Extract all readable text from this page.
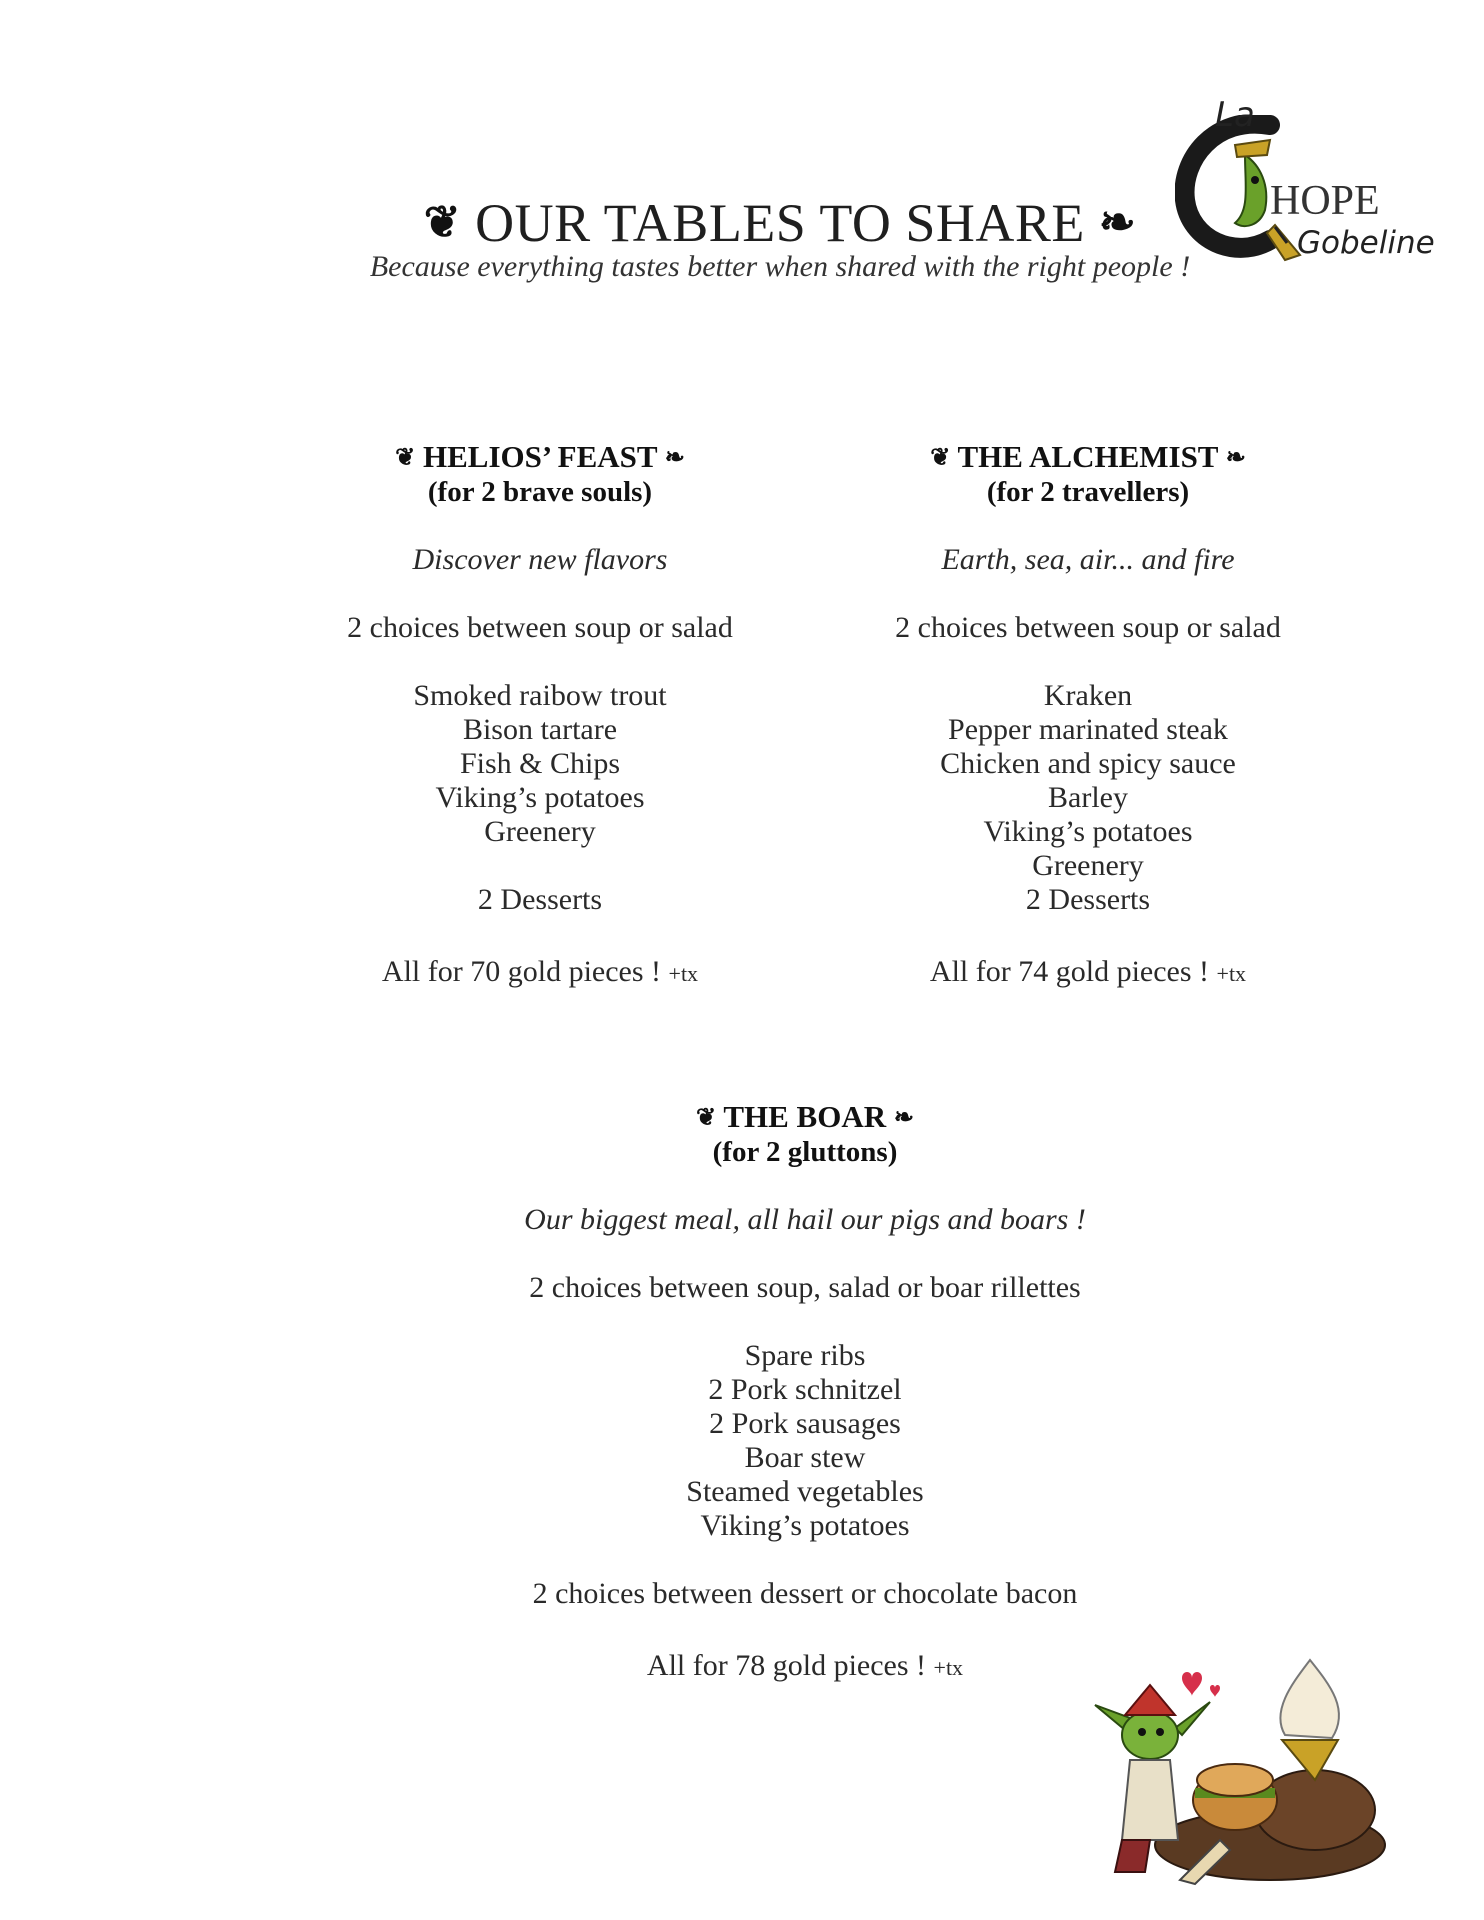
❦ OUR TABLES TO SHARE ❧
Because everything tastes better when shared with the right people !
La
HOPE
Gobeline
❦ HELIOS’ FEAST ❧
(for 2 brave souls)
Discover new flavors
2 choices between soup or salad
Smoked raibow trout
Bison tartare
Fish & Chips
Viking’s potatoes
Greenery
2 Desserts
All for 70 gold pieces ! +tx
❦ THE ALCHEMIST ❧
(for 2 travellers)
Earth, sea, air... and fire
2 choices between soup or salad
Kraken
Pepper marinated steak
Chicken and spicy sauce
Barley
Viking’s potatoes
Greenery
2 Desserts
All for 74 gold pieces ! +tx
❦ THE BOAR ❧
(for 2 gluttons)
Our biggest meal, all hail our pigs and boars !
2 choices between soup, salad or boar rillettes
Spare ribs
2 Pork schnitzel
2 Pork sausages
Boar stew
Steamed vegetables
Viking’s potatoes
2 choices between dessert or chocolate bacon
All for 78 gold pieces ! +tx
